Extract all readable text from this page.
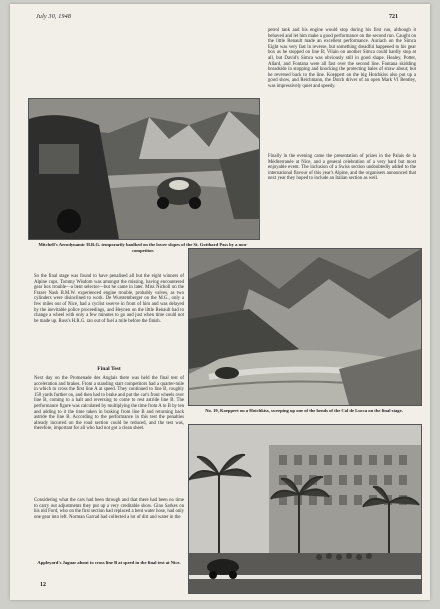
July 30, 1948	721
Mitchell's Aerodynamic H.R.G. temporarily baulked on the lower slopes of the St. Gotthard Pass by a non-competitor.

petrol tank and his engine would stop during his first run, although it behaved and let him make a good performance on the second run. Caught on the little Renault made an excellent performance. Auriach on the Simca Eight was very fast in reverse, but something dreadful happened to his gear box as he stopped on line B; Vilain on another Simca could hardly stop at all, but David's Simca was obviously still in good shape. Healey, Potter, Allard, and Fontana were all fast over the second line. Fontana skidding broadside in stopping and knocking the protecting bales of straw about; but he reversed back to the line. Koeppert on the big Hotchkiss also put up a good show, and Reichmann, the Dutch driver of an open Mark VI Bentley, was impressively quiet and speedy.

Finally in the evening came the presentation of prizes in the Palais de la Méditerranée at Nice, and a general celebration of a very hard but most enjoyable event. The inclusion of a Swiss section undoubtedly added to the international flavour of this year's Alpine, and the organisers announced that next year they hoped to include an Italian section as well.

So the final stage was found to have penalised all but the eight winners of Alpine cups. Tommy Wisdom was amongst the missing, having encountered gear box trouble—a bent selector—but he came in later. Miss Nicholl on the Frazer Nash B.M.W. experienced engine trouble, probably valves, as two cylinders were disinclined to work. De Wurstemberger on the M.G., only a few miles out of Nice, had a cyclist swerve in front of him and was delayed by the inevitable police proceedings, and Heynen on the little Renault had to change a wheel with only a few minutes to go and just when time could not be made up. Ross's H.R.G. ran out of fuel a mile before the finish.

Final Test

Next day on the Promenade des Anglais there was held the final test of acceleration and brakes. From a standing start competitors had a quarter-mile in which to cross the first line A at speed. They continued to line B, roughly 150 yards further on, and then had to brake and put the car's front wheels over line B, coming to a halt and reversing to come to rest astride line B. The performance figure was calculated by multiplying the time from A to B by ten and adding to it the time taken in braking from line B and returning back astride the line B. According to the performance in this test the penalties already incurred on the road section could be reduced, and the test was, therefore, important for all who had not got a clean sheet.

Considering what the cars had been through and that there had been no time to carry out adjustments they put up a very creditable show. Gino Sarkes on his old Ford, who on the first section had replaced a bent water hose, had only one gear into left. Norman Garrad had collected a lot of dirt and water in the

No. 19, Koeppert on a Hotchkiss, sweeping up one of the bends of the Col de Lucca on the final stage.
Appleyard's Jaguar about to cross line B at speed in the final test at Nice.
12
